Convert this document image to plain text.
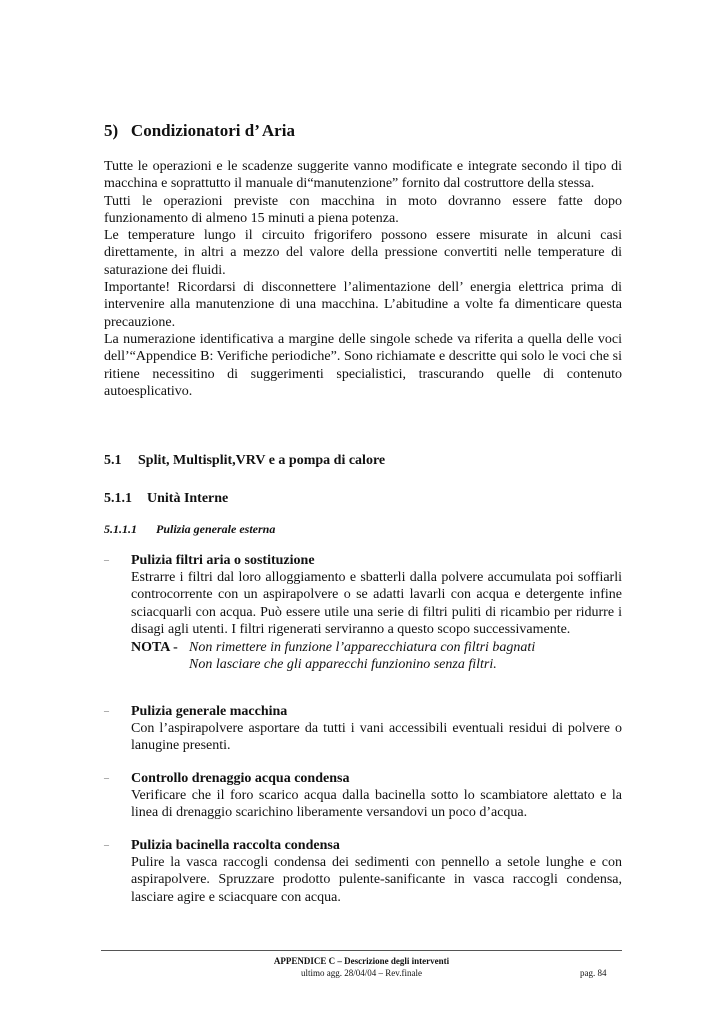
5) Condizionatori d’ Aria

Tutte le operazioni e le scadenze suggerite vanno modificate e integrate secondo il tipo di macchina e soprattutto il manuale di“manutenzione” fornito dal costruttore della stessa.

Tutti le operazioni previste con macchina in moto dovranno essere fatte dopo funzionamento di almeno 15 minuti a piena potenza.

Le temperature lungo il circuito frigorifero possono essere misurate in alcuni casi direttamente, in altri a mezzo del valore della pressione convertiti nelle temperature di saturazione dei fluidi.

Importante! Ricordarsi di disconnettere l’alimentazione dell’ energia elettrica prima di intervenire alla manutenzione di una macchina. L’abitudine a volte fa dimenticare questa precauzione.

La numerazione identificativa a margine delle singole schede va riferita a quella delle voci dell’“Appendice B: Verifiche periodiche”. Sono richiamate e descritte qui solo le voci che si ritiene necessitino di suggerimenti specialistici, trascurando quelle di contenuto autoesplicativo.

5.1 Split, Multisplit,VRV e a pompa di calore
5.1.1 Unità Interne
5.1.1.1 Pulizia generale esterna
– Pulizia filtri aria o sostituzione
Estrarre i filtri dal loro alloggiamento e sbatterli dalla polvere accumulata poi soffiarli controcorrente con un aspirapolvere o se adatti lavarli con acqua e detergente infine sciacquarli con acqua. Può essere utile una serie di filtri puliti di ricambio per ridurre i disagi agli utenti. I filtri rigenerati serviranno a questo scopo successivamente.
NOTA - Non rimettere in funzione l’apparecchiatura con filtri bagnati
Non lasciare che gli apparecchi funzionino senza filtri.
– Pulizia generale macchina
Con l’aspirapolvere asportare da tutti i vani accessibili eventuali residui di polvere o lanugine presenti.
– Controllo drenaggio acqua condensa
Verificare che il foro scarico acqua dalla bacinella sotto lo scambiatore alettato e la linea di drenaggio scarichino liberamente versandovi un poco d’acqua.
– Pulizia bacinella raccolta condensa
Pulire la vasca raccogli condensa dei sedimenti con pennello a setole lunghe e con aspirapolvere. Spruzzare prodotto pulente-sanificante in vasca raccogli condensa, lasciare agire e sciacquare con acqua.
APPENDICE C – Descrizione degli interventi
ultimo agg. 28/04/04 – Rev.finale	pag. 84
